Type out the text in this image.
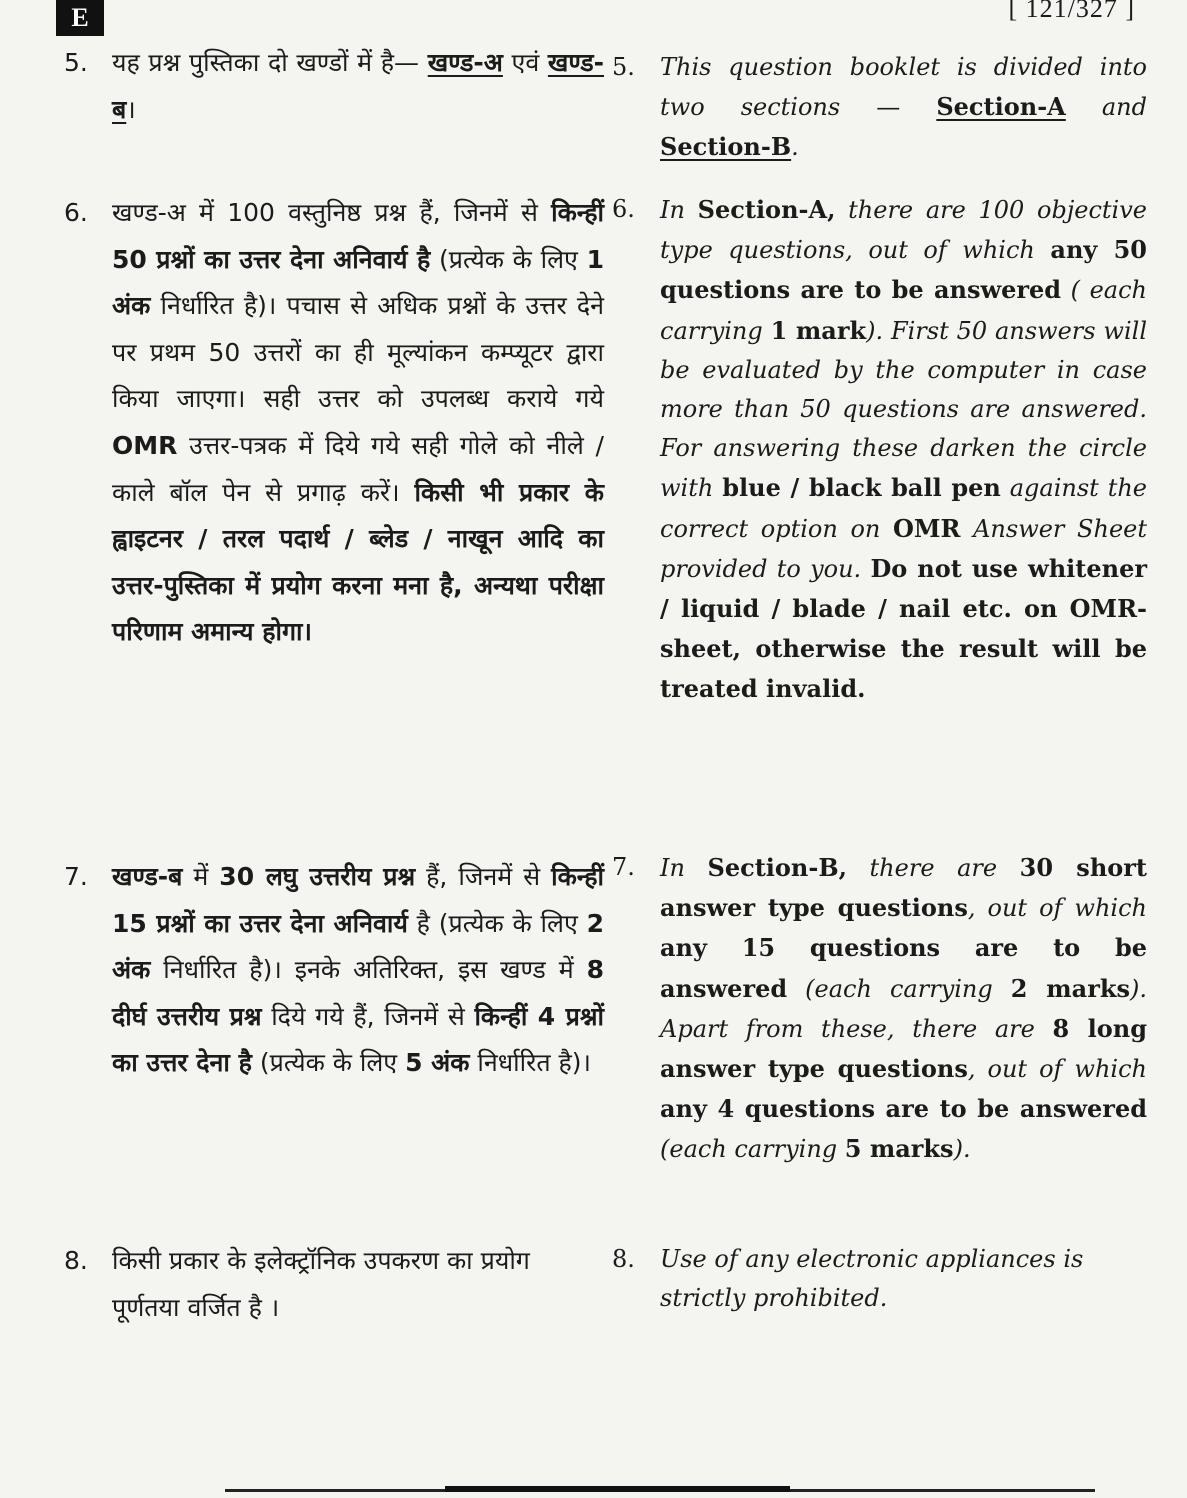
E	[ 121/327 ]
5. यह प्रश्न पुस्तिका दो खण्डों में है— खण्ड-अ एवं खण्ड-ब।
6. खण्ड-अ में 100 वस्तुनिष्ठ प्रश्न हैं, जिनमें से किन्हीं 50 प्रश्नों का उत्तर देना अनिवार्य है (प्रत्येक के लिए 1 अंक निर्धारित है)। पचास से अधिक प्रश्नों के उत्तर देने पर प्रथम 50 उत्तरों का ही मूल्यांकन कम्प्यूटर द्वारा किया जाएगा। सही उत्तर को उपलब्ध कराये गये OMR उत्तर-पत्रक में दिये गये सही गोले को नीले / काले बॉल पेन से प्रगाढ़ करें। किसी भी प्रकार के ह्वाइटनर / तरल पदार्थ / ब्लेड / नाखून आदि का उत्तर-पुस्तिका में प्रयोग करना मना है, अन्यथा परीक्षा परिणाम अमान्य होगा।
7. खण्ड-ब में 30 लघु उत्तरीय प्रश्न हैं, जिनमें से किन्हीं 15 प्रश्नों का उत्तर देना अनिवार्य है (प्रत्येक के लिए 2 अंक निर्धारित है)। इनके अतिरिक्त, इस खण्ड में 8 दीर्घ उत्तरीय प्रश्न दिये गये हैं, जिनमें से किन्हीं 4 प्रश्नों का उत्तर देना है (प्रत्येक के लिए 5 अंक निर्धारित है)।
8. किसी प्रकार के इलेक्ट्रॉनिक उपकरण का प्रयोग पूर्णतया वर्जित है ।
5.	This question booklet is divided into two sections — Section-A and Section-B.
6.	In Section-A, there are 100 objective type questions, out of which any 50 questions are to be answered ( each carrying 1 mark). First 50 answers will be evaluated by the computer in case more than 50 questions are answered. For answering these darken the circle with blue / black ball pen against the correct option on OMR Answer Sheet provided to you. Do not use whitener / liquid / blade / nail etc. on OMR-sheet, otherwise the result will be treated invalid.
7.	In Section-B, there are 30 short answer type questions, out of which any 15 questions are to be answered (each carrying 2 marks). Apart from these, there are 8 long answer type questions, out of which any 4 questions are to be answered (each carrying 5 marks).
8.	Use of any electronic appliances is strictly prohibited.
